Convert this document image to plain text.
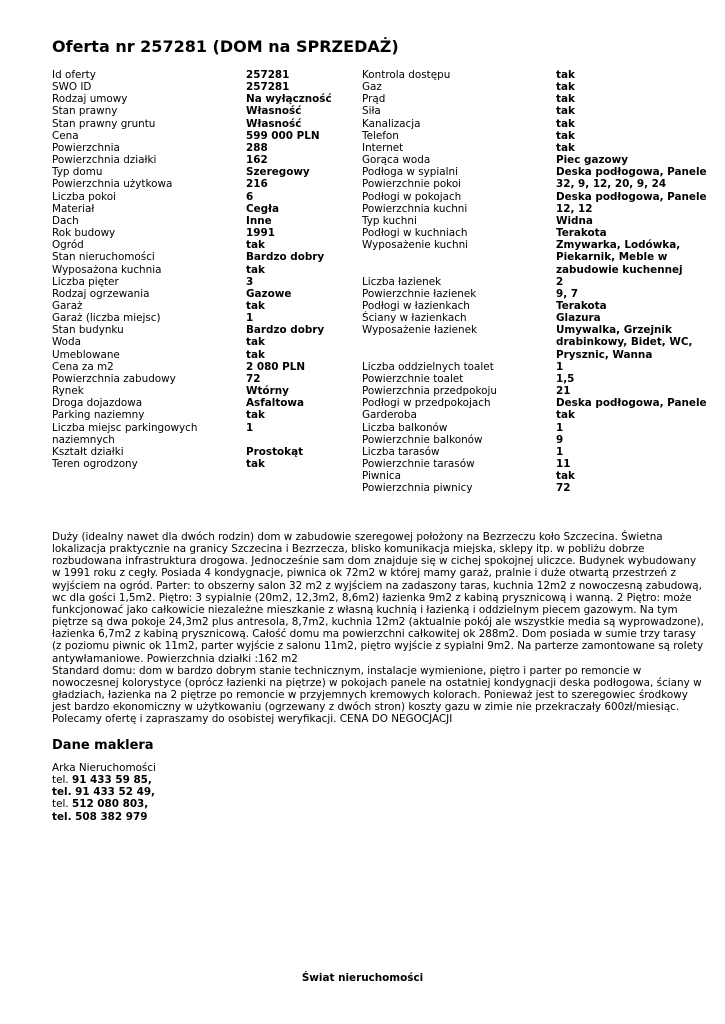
Oferta nr 257281 (DOM na SPRZEDAŻ)
Id oferty	257281
SWO ID	257281
Rodzaj umowy	Na wyłączność
Stan prawny	Własność
Stan prawny gruntu	Własność
Cena	599 000 PLN
Powierzchnia	288
Powierzchnia działki	162
Typ domu	Szeregowy
Powierzchnia użytkowa	216
Liczba pokoi	6
Materiał	Cegła
Dach	Inne
Rok budowy	1991
Ogród	tak
Stan nieruchomości	Bardzo dobry
Wyposażona kuchnia	tak
Liczba pięter	3
Rodzaj ogrzewania	Gazowe
Garaż	tak
Garaż (liczba miejsc)	1
Stan budynku	Bardzo dobry
Woda	tak
Umeblowane	tak
Cena za m2	2 080 PLN
Powierzchnia zabudowy	72
Rynek	Wtórny
Droga dojazdowa	Asfaltowa
Parking naziemny	tak
Liczba miejsc parkingowych naziemnych
1
Kształt działki	Prostokąt
Teren ogrodzony	tak
Kontrola dostępu	tak
Gaz	tak
Prąd	tak
Siła	tak
Kanalizacja	tak
Telefon	tak
Internet	tak
Gorąca woda	Piec gazowy
Podłoga w sypialni	Deska podłogowa, Panele
Powierzchnie pokoi	32, 9, 12, 20, 9, 24
Podłogi w pokojach	Deska podłogowa, Panele
Powierzchnia kuchni	12, 12
Typ kuchni	Widna
Podłogi w kuchniach	Terakota
Wyposażenie kuchni	Zmywarka, Lodówka, Piekarnik, Meble w zabudowie kuchennej
Liczba łazienek	2
Powierzchnie łazienek	9, 7
Podłogi w łazienkach	Terakota
Ściany w łazienkach	Glazura
Wyposażenie łazienek	Umywalka, Grzejnik drabinkowy, Bidet, WC, Prysznic, Wanna
Liczba oddzielnych toalet	1
Powierzchnie toalet	1,5
Powierzchnia przedpokoju	21
Podłogi w przedpokojach	Deska podłogowa, Panele
Garderoba	tak
Liczba balkonów	1
Powierzchnie balkonów	9
Liczba tarasów	1
Powierzchnie tarasów	11
Piwnica	tak
Powierzchnia piwnicy	72

Duży (idealny nawet dla dwóch rodzin) dom w zabudowie szeregowej położony na Bezrzeczu koło Szczecina. Świetna lokalizacja praktycznie na granicy Szczecina i Bezrzecza, blisko komunikacja miejska, sklepy itp. w pobliżu dobrze rozbudowana infrastruktura drogowa. Jednocześnie sam dom znajduje się w cichej spokojnej uliczce. Budynek wybudowany w 1991 roku z cegły. Posiada 4 kondygnacje, piwnica ok 72m2 w której mamy garaż, pralnie i duże otwartą przestrzeń z wyjściem na ogród. Parter: to obszerny salon 32 m2 z wyjściem na zadaszony taras, kuchnia 12m2 z nowoczesną zabudową, wc dla gości 1,5m2. Piętro: 3 sypialnie (20m2, 12,3m2, 8,6m2) łazienka 9m2 z kabiną prysznicową i wanną. 2 Piętro: może funkcjonować jako całkowicie niezależne mieszkanie z własną kuchnią i łazienką i oddzielnym piecem gazowym. Na tym piętrze są dwa pokoje 24,3m2 plus antresola, 8,7m2, kuchnia 12m2 (aktualnie pokój ale wszystkie media są wyprowadzone), łazienka 6,7m2 z kabiną prysznicową. Całość domu ma powierzchni całkowitej ok 288m2. Dom posiada w sumie trzy tarasy (z poziomu piwnic ok 11m2, parter wyjście z salonu 11m2, piętro wyjście z sypialni 9m2. Na parterze zamontowane są rolety antywłamaniowe. Powierzchnia działki :162 m2

Standard domu: dom w bardzo dobrym stanie technicznym, instalacje wymienione, piętro i parter po remoncie w nowoczesnej kolorystyce (oprócz łazienki na piętrze) w pokojach panele na ostatniej kondygnacji deska podłogowa, ściany w gładziach, łazienka na 2 piętrze po remoncie w przyjemnych kremowych kolorach. Ponieważ jest to szeregowiec środkowy jest bardzo ekonomiczny w użytkowaniu (ogrzewany z dwóch stron) koszty gazu w zimie nie przekraczały 600zł/miesiąc. Polecamy ofertę i zapraszamy do osobistej weryfikacji. CENA DO NEGOCJACJI

Dane maklera
Arka Nieruchomości
tel. 91 433 59 85,
tel. 91 433 52 49,
tel. 512 080 803,
tel. 508 382 979
Świat nieruchomości
